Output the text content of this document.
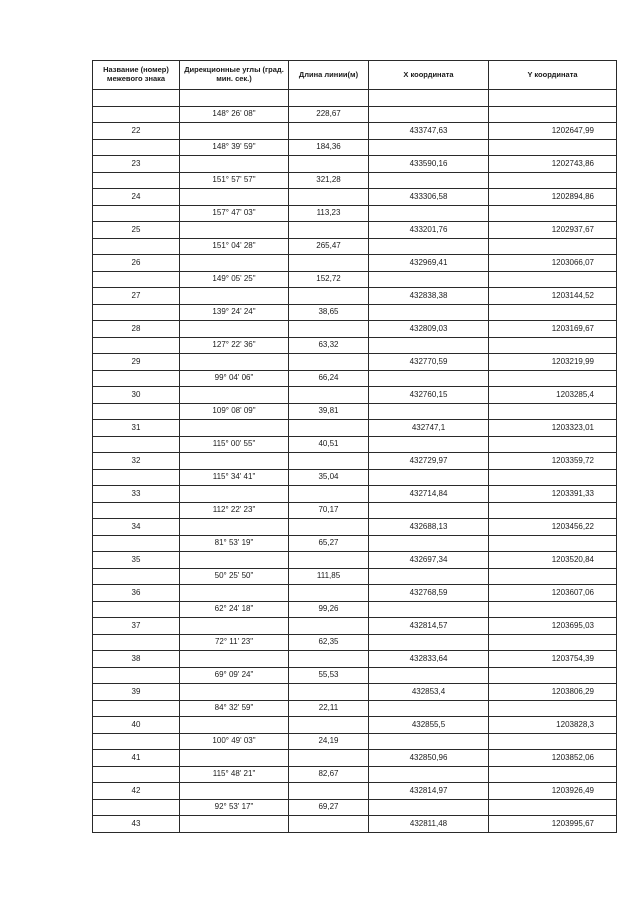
Название (номер) межевого знака	Дирекционные углы (град. мин. сек.)	Длина линии(м)	X координата	Y координата

	148° 26' 08"	228,67		
22			433747,63	1202647,99
	148° 39' 59"	184,36		
23			433590,16	1202743,86
	151° 57' 57"	321,28		
24			433306,58	1202894,86
	157° 47' 03"	113,23		
25			433201,76	1202937,67
	151° 04' 28"	265,47		
26			432969,41	1203066,07
	149° 05' 25"	152,72		
27			432838,38	1203144,52
	139° 24' 24"	38,65		
28			432809,03	1203169,67
	127° 22' 36"	63,32		
29			432770,59	1203219,99
	99° 04' 06"	66,24		
30			432760,15	1203285,4
	109° 08' 09"	39,81		
31			432747,1	1203323,01
	115° 00' 55"	40,51		
32			432729,97	1203359,72
	115° 34' 41"	35,04		
33			432714,84	1203391,33
	112° 22' 23"	70,17		
34			432688,13	1203456,22
	81° 53' 19"	65,27		
35			432697,34	1203520,84
	50° 25' 50"	111,85		
36			432768,59	1203607,06
	62° 24' 18"	99,26		
37			432814,57	1203695,03
	72° 11' 23"	62,35		
38			432833,64	1203754,39
	69° 09' 24"	55,53		
39			432853,4	1203806,29
	84° 32' 59"	22,11		
40			432855,5	1203828,3
	100° 49' 03"	24,19		
41			432850,96	1203852,06
	115° 48' 21"	82,67		
42			432814,97	1203926,49
	92° 53' 17"	69,27		
43			432811,48	1203995,67
